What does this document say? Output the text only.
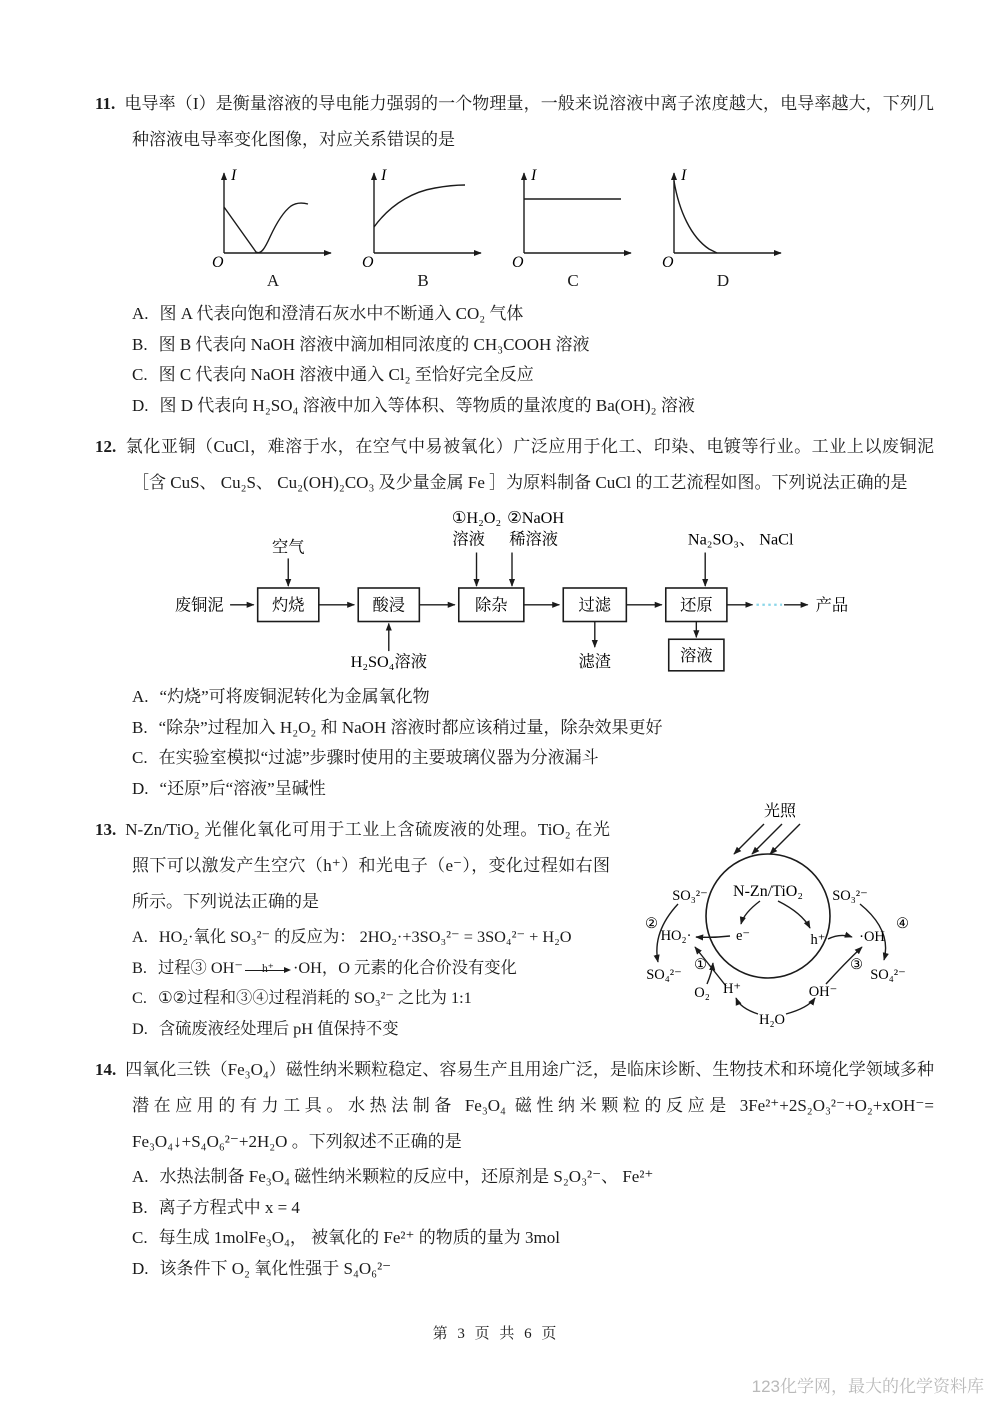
11. 电导率（I）是衡量溶液的导电能力强弱的一个物理量，一般来说溶液中离子浓度越大，电导率越大，下列几种溶液电导率变化图像，对应关系错误的是

I
O
A
I
O
B
I
O
C
I
O
D

A. 图 A 代表向饱和澄清石灰水中不断通入 CO₂ 气体

B. 图 B 代表向 NaOH 溶液中滴加相同浓度的 CH₃COOH 溶液

C. 图 C 代表向 NaOH 溶液中通入 Cl₂ 至恰好完全反应

D. 图 D 代表向 H₂SO₄ 溶液中加入等体积、等物质的量浓度的 Ba(OH)₂ 溶液

12. 氯化亚铜（CuCl，难溶于水，在空气中易被氧化）广泛应用于化工、印染、电镀等行业。工业上以废铜泥［含 CuS、 Cu₂S、 Cu₂(OH)₂CO₃ 及少量金属 Fe ］为原料制备 CuCl 的工艺流程如图。下列说法正确的是

废铜泥	灼烧	酸浸	除杂	过滤	还原	产品
空气
①H₂O₂
溶液
②NaOH
稀溶液	Na₂SO₃、 NaCl
H₂SO₄溶液	滤渣	溶液

A. “灼烧”可将废铜泥转化为金属氧化物

B. “除杂”过程加入 H₂O₂ 和 NaOH 溶液时都应该稍过量，除杂效果更好

C. 在实验室模拟“过滤”步骤时使用的主要玻璃仪器为分液漏斗

D. “还原”后“溶液”呈碱性

13. N-Zn/TiO₂ 光催化氧化可用于工业上含硫废液的处理。TiO₂ 在光照下可以激发产生空穴（h⁺）和光电子（e⁻），变化过程如右图所示。下列说法正确的是

A. HO₂·氧化 SO₃²⁻ 的反应为： 2HO₂·+3SO₃²⁻ = 3SO₄²⁻ + H₂O

B. 过程③ OH⁻ h⁺ ·OH，O 元素的化合价没有变化

C. ①②过程和③④过程消耗的 SO₃²⁻ 之比为 1:1

D. 含硫废液经处理后 pH 值保持不变

光照
N-Zn/TiO₂
e⁻	h⁺
SO₃²⁻
②
HO₂·
SO₄²⁻
①
O₂ H⁺
SO₃²⁻
④
·OH
SO₄²⁻
③
OH⁻
H₂O

14. 四氧化三铁（Fe₃O₄）磁性纳米颗粒稳定、容易生产且用途广泛，是临床诊断、生物技术和环境化学领域多种潜在应用的有力工具。水热法制备 Fe₃O₄ 磁性纳米颗粒的反应是 3Fe²⁺+2S₂O₃²⁻+O₂+xOH⁻= Fe₃O₄↓+S₄O₆²⁻+2H₂O 。下列叙述不正确的是

A. 水热法制备 Fe₃O₄ 磁性纳米颗粒的反应中，还原剂是 S₂O₃²⁻、 Fe²⁺

B. 离子方程式中 x = 4

C. 每生成 1molFe₃O₄， 被氧化的 Fe²⁺ 的物质的量为 3mol

D. 该条件下 O₂ 氧化性强于 S₄O₆²⁻

第 3 页 共 6 页
123化学网，最大的化学资料库
